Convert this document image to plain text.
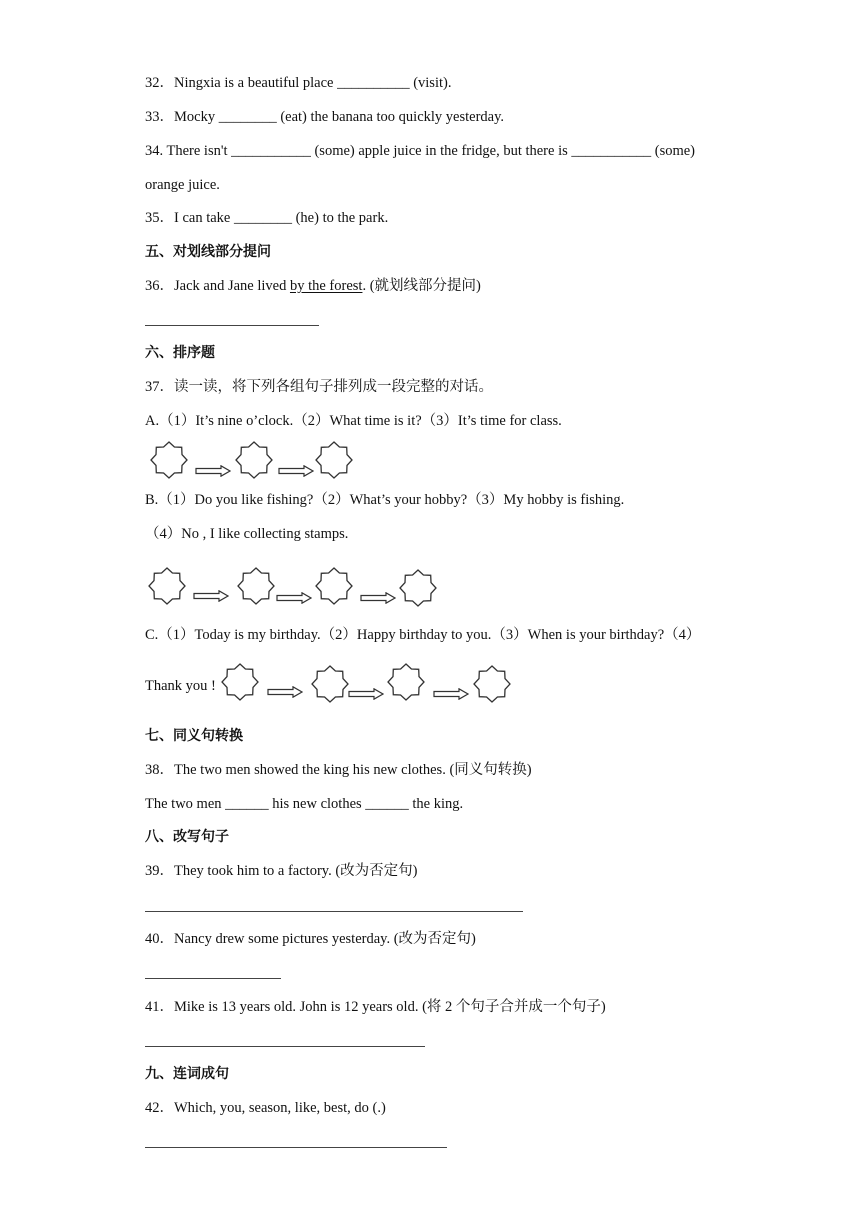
32．Ningxia is a beautiful place __________ (visit).
33．Mocky ________ (eat) the banana too quickly yesterday.
34. There isn't ___________ (some) apple juice in the fridge, but there is ___________ (some)
orange juice.
35．I can take ________ (he) to the park.
五、对划线部分提问
36．Jack and Jane lived by the forest. (就划线部分提问)
六、排序题
37．读一读，将下列各组句子排列成一段完整的对话。
A.（1）It’s nine o’clock.（2）What time is it?（3）It’s time for class.
B.（1）Do you like fishing?（2）What’s your hobby?（3）My hobby is fishing.
（4）No , I like collecting stamps.
C.（1）Today is my birthday.（2）Happy birthday to you.（3）When is your birthday?（4）
Thank you !
七、同义句转换
38．The two men showed the king his new clothes. (同义句转换)
The two men ______ his new clothes ______ the king.
八、改写句子
39．They took him to a factory. (改为否定句)
40．Nancy drew some pictures yesterday. (改为否定句)
41．Mike is 13 years old. John is 12 years old. (将 2 个句子合并成一个句子)
九、连词成句
42．Which, you, season, like, best, do (.)
